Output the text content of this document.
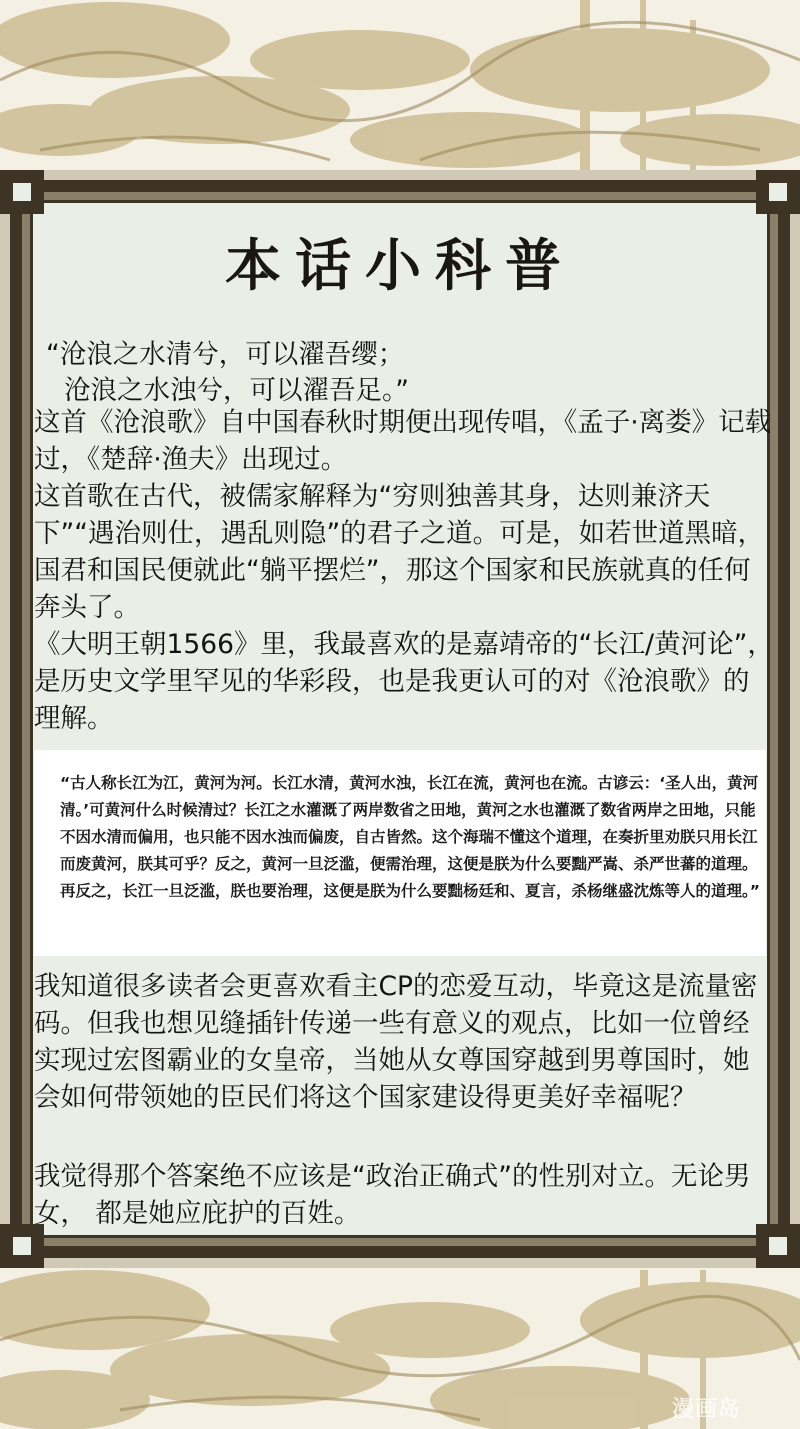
本话小科普
“沧浪之水清兮，可以濯吾缨；
沧浪之水浊兮，可以濯吾足。”

这首《沧浪歌》自中国春秋时期便出现传唱，《孟子·离娄》记载过，《楚辞·渔夫》出现过。

这首歌在古代，被儒家解释为“穷则独善其身，达则兼济天下”“遇治则仕，遇乱则隐”的君子之道。可是，如若世道黑暗，国君和国民便就此“躺平摆烂”，那这个国家和民族就真的任何奔头了。

《大明王朝1566》里，我最喜欢的是嘉靖帝的“长江/黄河论”，是历史文学里罕见的华彩段，也是我更认可的对《沧浪歌》的理解。

“古人称长江为江，黄河为河。长江水清，黄河水浊，长江在流，黄河也在流。古谚云：‘圣人出，黄河清。’可黄河什么时候清过？长江之水灌溉了两岸数省之田地，黄河之水也灌溉了数省两岸之田地，只能不因水清而偏用，也只能不因水浊而偏废，自古皆然。这个海瑞不懂这个道理，在奏折里劝朕只用长江而废黄河，朕其可乎？反之，黄河一旦泛滥，便需治理，这便是朕为什么要黜严嵩、杀严世蕃的道理。再反之，长江一旦泛滥，朕也要治理，这便是朕为什么要黜杨廷和、夏言，杀杨继盛沈炼等人的道理。”

我知道很多读者会更喜欢看主CP的恋爱互动，毕竟这是流量密码。但我也想见缝插针传递一些有意义的观点，比如一位曾经实现过宏图霸业的女皇帝，当她从女尊国穿越到男尊国时，她会如何带领她的臣民们将这个国家建设得更美好幸福呢？

我觉得那个答案绝不应该是“政治正确式”的性别对立。无论男女， 都是她应庇护的百姓。

漫画岛
